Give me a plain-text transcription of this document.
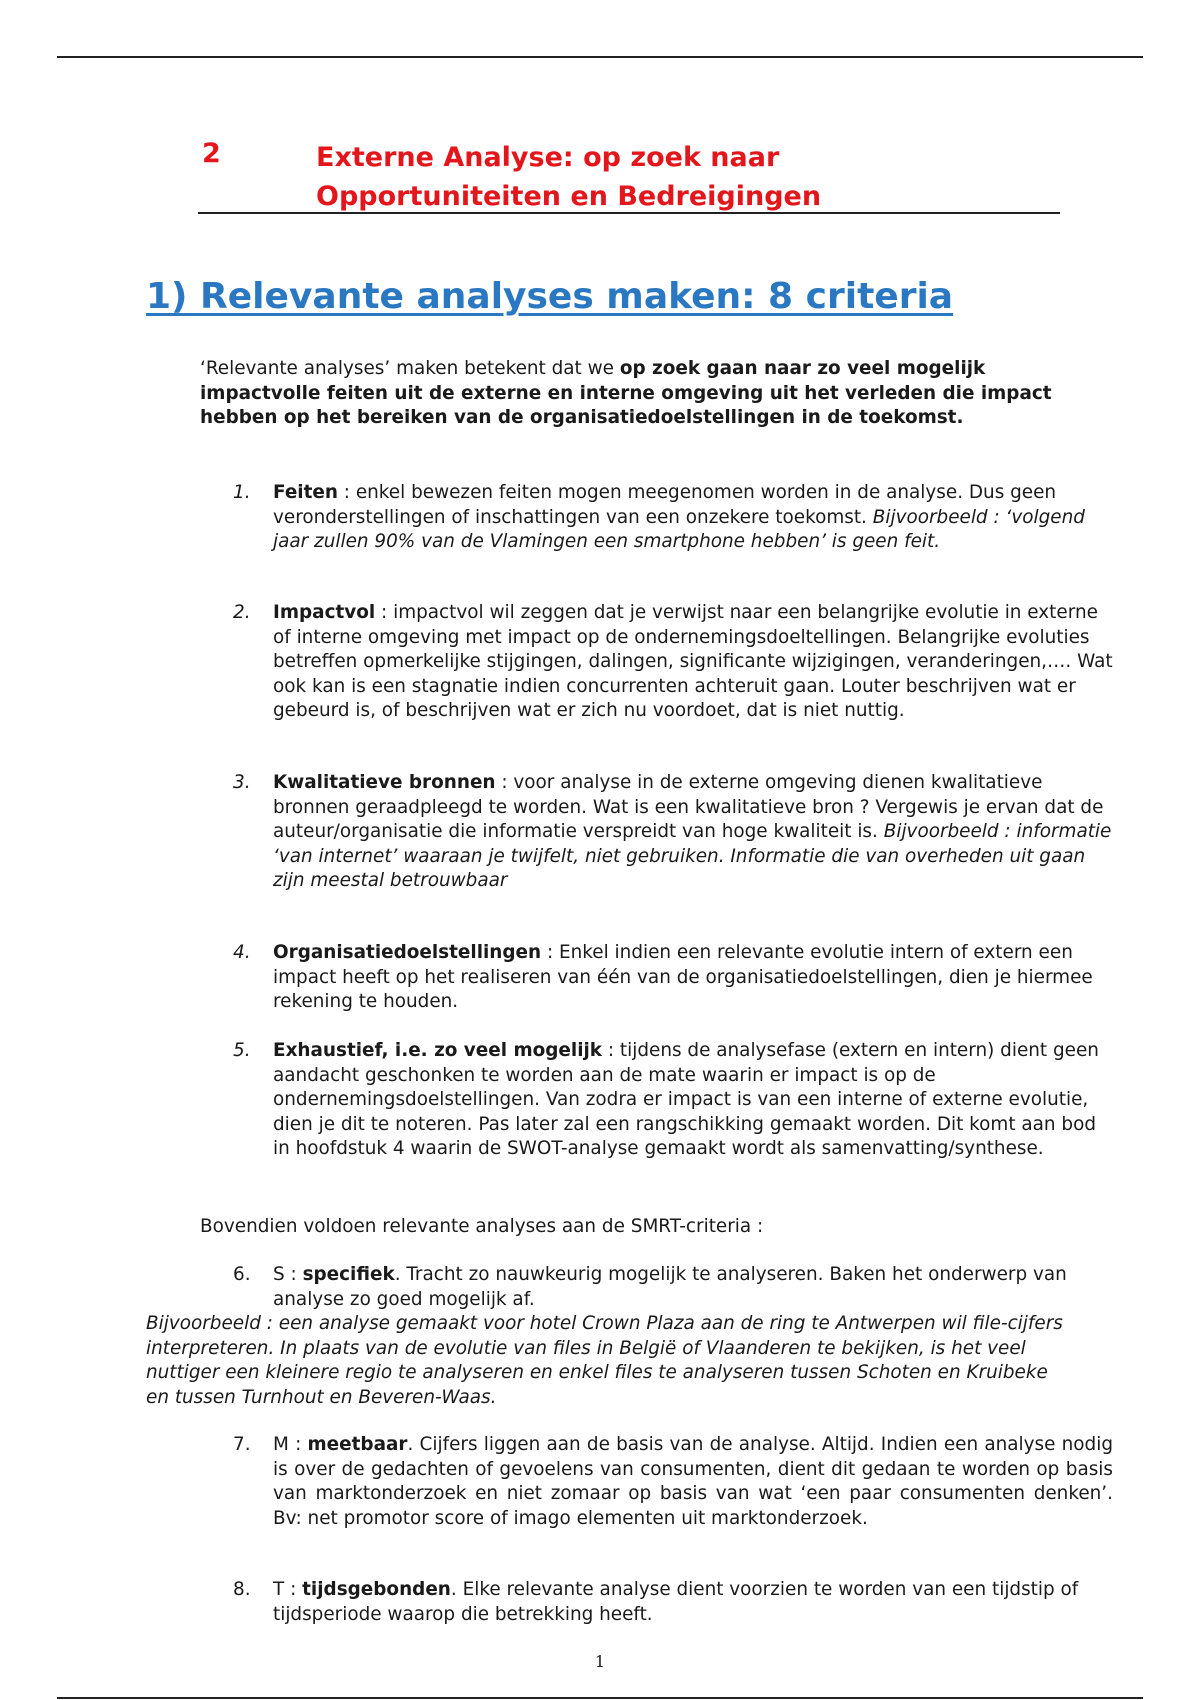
2	Externe Analyse: op zoek naar
Opportuniteiten en Bedreigingen
1) Relevante analyses maken: 8 criteria
‘Relevante analyses’ maken betekent dat we op zoek gaan naar zo veel mogelijk impactvolle feiten uit de externe en interne omgeving uit het verleden die impact hebben op het bereiken van de organisatiedoelstellingen in de toekomst.
1.	Feiten : enkel bewezen feiten mogen meegenomen worden in de analyse. Dus geen veronderstellingen of inschattingen van een onzekere toekomst. Bijvoorbeeld : ‘volgend jaar zullen 90% van de Vlamingen een smartphone hebben’ is geen feit.
2.	Impactvol : impactvol wil zeggen dat je verwijst naar een belangrijke evolutie in externe of interne omgeving met impact op de ondernemingsdoeltellingen. Belangrijke evoluties betreffen opmerkelijke stijgingen, dalingen, significante wijzigingen, veranderingen,…. Wat ook kan is een stagnatie indien concurrenten achteruit gaan. Louter beschrijven wat er gebeurd is, of beschrijven wat er zich nu voordoet, dat is niet nuttig.
3.	Kwalitatieve bronnen : voor analyse in de externe omgeving dienen kwalitatieve bronnen geraadpleegd te worden. Wat is een kwalitatieve bron ? Vergewis je ervan dat de auteur/organisatie die informatie verspreidt van hoge kwaliteit is. Bijvoorbeeld : informatie ‘van internet’ waaraan je twijfelt, niet gebruiken. Informatie die van overheden uit gaan zijn meestal betrouwbaar
4.	Organisatiedoelstellingen : Enkel indien een relevante evolutie intern of extern een impact heeft op het realiseren van één van de organisatiedoelstellingen, dien je hiermee rekening te houden.
5.	Exhaustief, i.e. zo veel mogelijk : tijdens de analysefase (extern en intern) dient geen aandacht geschonken te worden aan de mate waarin er impact is op de ondernemingsdoelstellingen. Van zodra er impact is van een interne of externe evolutie, dien je dit te noteren. Pas later zal een rangschikking gemaakt worden. Dit komt aan bod in hoofdstuk 4 waarin de SWOT-analyse gemaakt wordt als samenvatting/synthese.
Bovendien voldoen relevante analyses aan de SMRT-criteria :
6.	S : specifiek. Tracht zo nauwkeurig mogelijk te analyseren. Baken het onderwerp van analyse zo goed mogelijk af.
Bijvoorbeeld : een analyse gemaakt voor hotel Crown Plaza aan de ring te Antwerpen wil file-cijfers interpreteren. In plaats van de evolutie van files in België of Vlaanderen te bekijken, is het veel nuttiger een kleinere regio te analyseren en enkel files te analyseren tussen Schoten en Kruibeke en tussen Turnhout en Beveren-Waas.
7.	M : meetbaar. Cijfers liggen aan de basis van de analyse. Altijd. Indien een analyse nodig is over de gedachten of gevoelens van consumenten, dient dit gedaan te worden op basis van marktonderzoek en niet zomaar op basis van wat ‘een paar consumenten denken’. Bv: net promotor score of imago elementen uit marktonderzoek.
8.	T : tijdsgebonden. Elke relevante analyse dient voorzien te worden van een tijdstip of tijdsperiode waarop die betrekking heeft.
1
